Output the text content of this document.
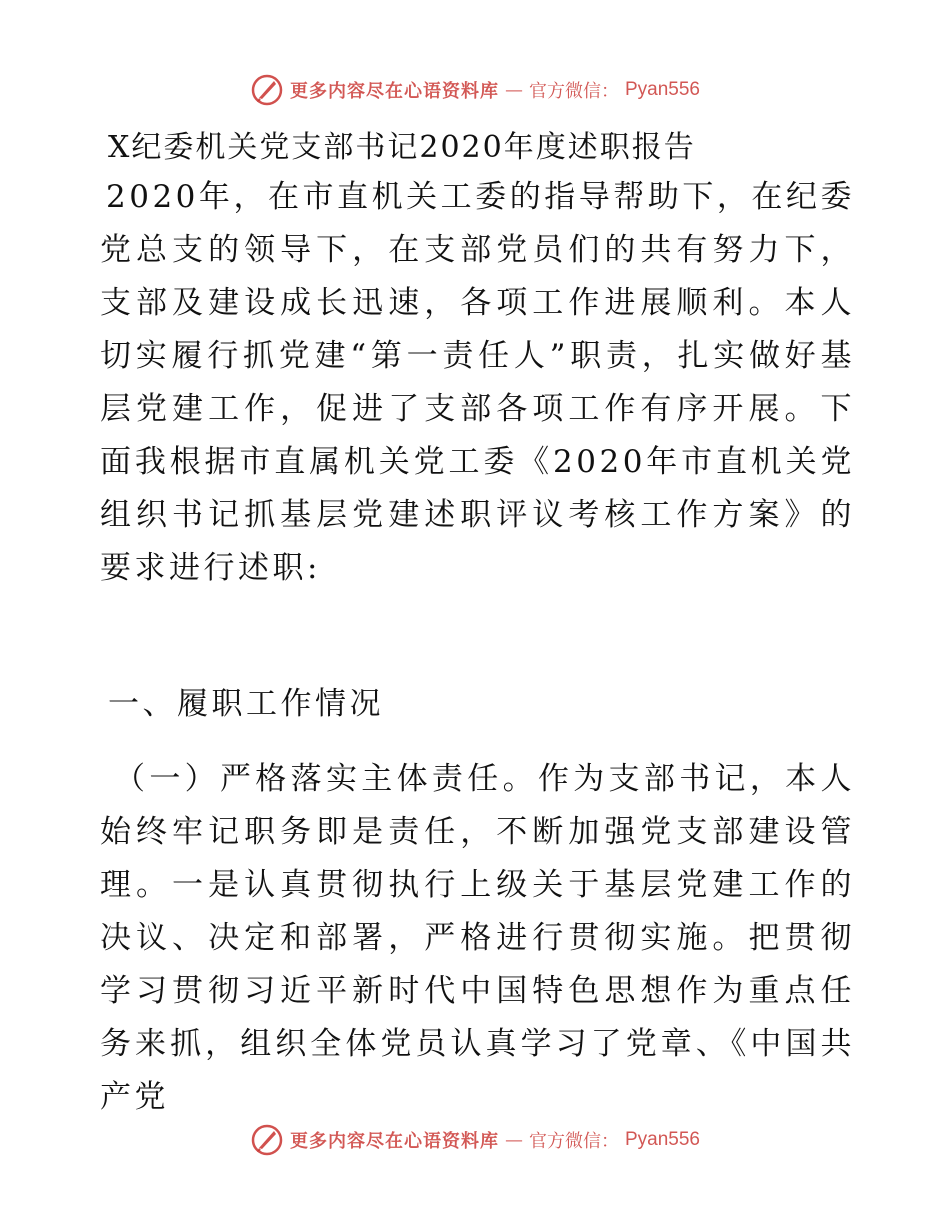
更多内容尽在心语资料库 — 官方微信： Pyan556
X纪委机关党支部书记2020年度述职报告

2020年，在市直机关工委的指导帮助下，在纪委党总支的领导下，在支部党员们的共有努力下，支部及建设成长迅速，各项工作进展顺利。本人切实履行抓党建“第一责任人”职责，扎实做好基层党建工作，促进了支部各项工作有序开展。下面我根据市直属机关党工委《2020年市直机关党组织书记抓基层党建述职评议考核工作方案》的要求进行述职:

一、履职工作情况

（一）严格落实主体责任。作为支部书记，本人始终牢记职务即是责任，不断加强党支部建设管理。一是认真贯彻执行上级关于基层党建工作的决议、决定和部署，严格进行贯彻实施。把贯彻学习贯彻习近平新时代中国特色思想作为重点任务来抓，组织全体党员认真学习了党章、《中国共产党

更多内容尽在心语资料库 — 官方微信： Pyan556
